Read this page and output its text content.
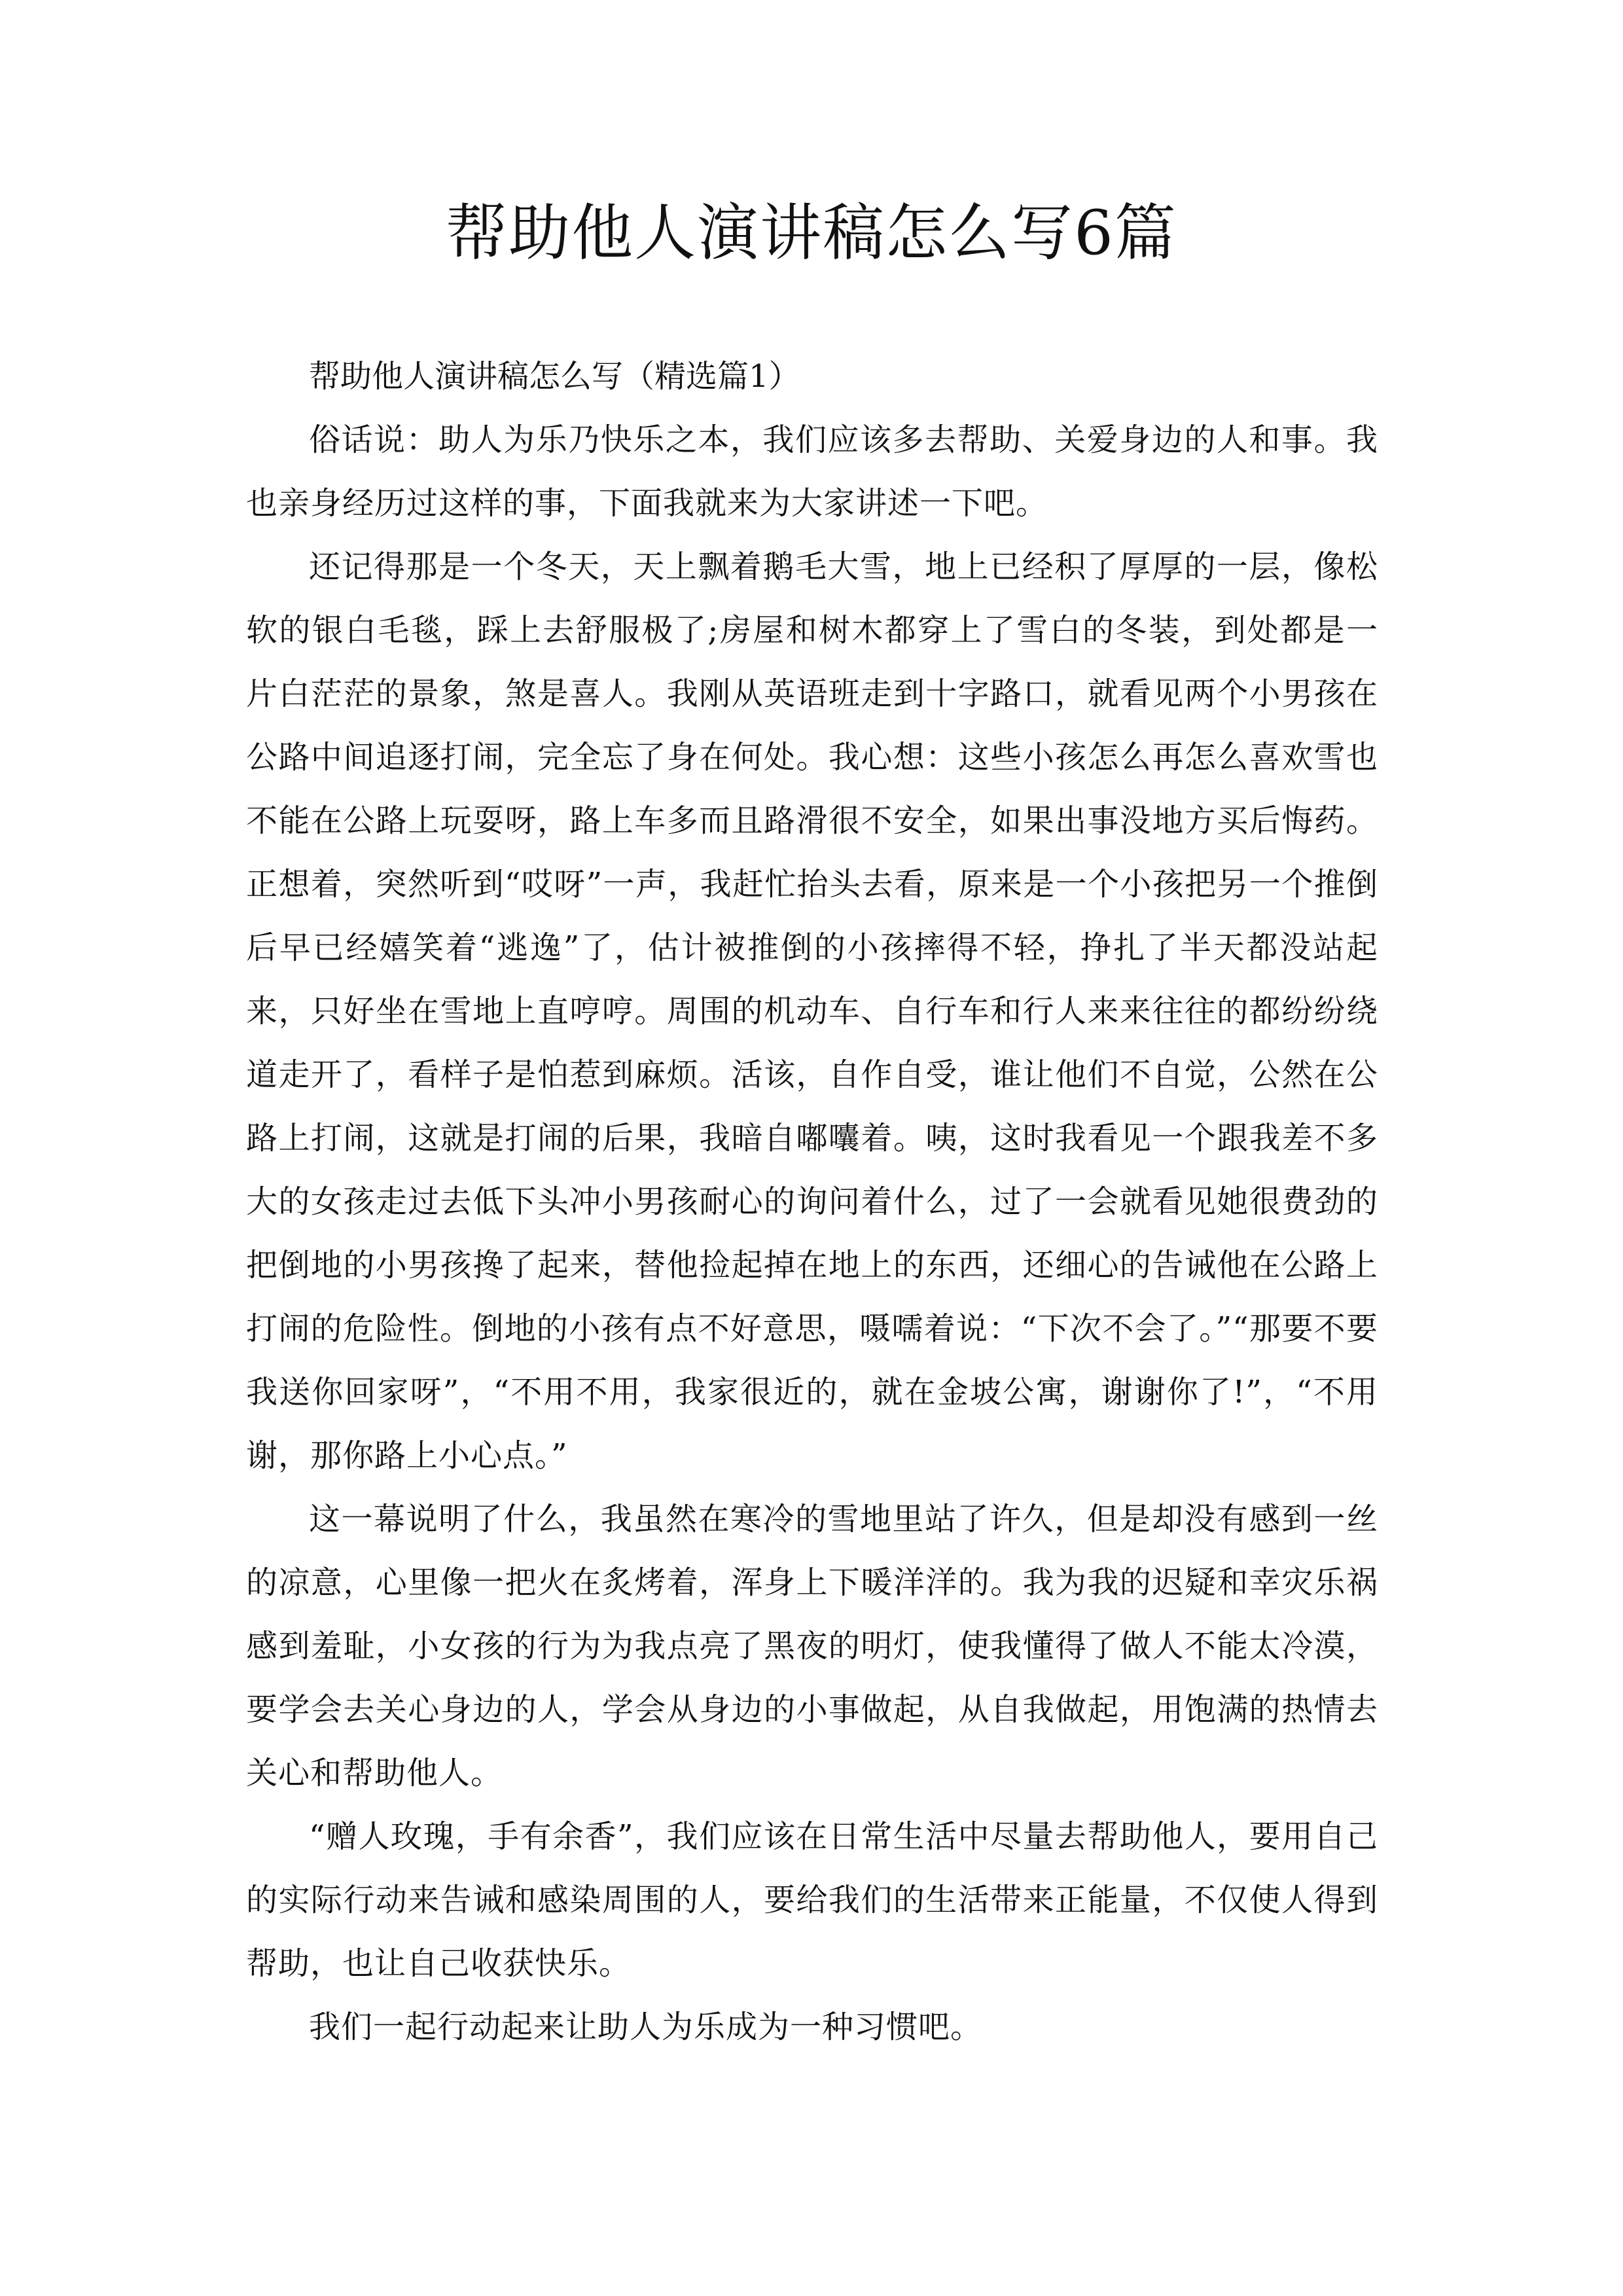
帮助他人演讲稿怎么写6篇

帮助他人演讲稿怎么写（精选篇1）

俗话说：助人为乐乃快乐之本，我们应该多去帮助、关爱身边的人和事。我也亲身经历过这样的事，下面我就来为大家讲述一下吧。

还记得那是一个冬天，天上飘着鹅毛大雪，地上已经积了厚厚的一层，像松软的银白毛毯，踩上去舒服极了;房屋和树木都穿上了雪白的冬装，到处都是一片白茫茫的景象，煞是喜人。我刚从英语班走到十字路口，就看见两个小男孩在公路中间追逐打闹，完全忘了身在何处。我心想：这些小孩怎么再怎么喜欢雪也不能在公路上玩耍呀，路上车多而且路滑很不安全，如果出事没地方买后悔药。正想着，突然听到“哎呀”一声，我赶忙抬头去看，原来是一个小孩把另一个推倒后早已经嬉笑着“逃逸”了，估计被推倒的小孩摔得不轻，挣扎了半天都没站起来，只好坐在雪地上直哼哼。周围的机动车、自行车和行人来来往往的都纷纷绕道走开了，看样子是怕惹到麻烦。活该，自作自受，谁让他们不自觉，公然在公路上打闹，这就是打闹的后果，我暗自嘟囔着。咦，这时我看见一个跟我差不多大的女孩走过去低下头冲小男孩耐心的询问着什么，过了一会就看见她很费劲的把倒地的小男孩搀了起来，替他捡起掉在地上的东西，还细心的告诫他在公路上打闹的危险性。倒地的小孩有点不好意思，嗫嚅着说：“下次不会了。”“那要不要我送你回家呀”，“不用不用，我家很近的，就在金坡公寓，谢谢你了!”，“不用谢，那你路上小心点。”

这一幕说明了什么，我虽然在寒冷的雪地里站了许久，但是却没有感到一丝的凉意，心里像一把火在炙烤着，浑身上下暖洋洋的。我为我的迟疑和幸灾乐祸感到羞耻，小女孩的行为为我点亮了黑夜的明灯，使我懂得了做人不能太冷漠，要学会去关心身边的人，学会从身边的小事做起，从自我做起，用饱满的热情去关心和帮助他人。

“赠人玫瑰，手有余香”，我们应该在日常生活中尽量去帮助他人，要用自己的实际行动来告诫和感染周围的人，要给我们的生活带来正能量，不仅使人得到帮助，也让自己收获快乐。

我们一起行动起来让助人为乐成为一种习惯吧。
